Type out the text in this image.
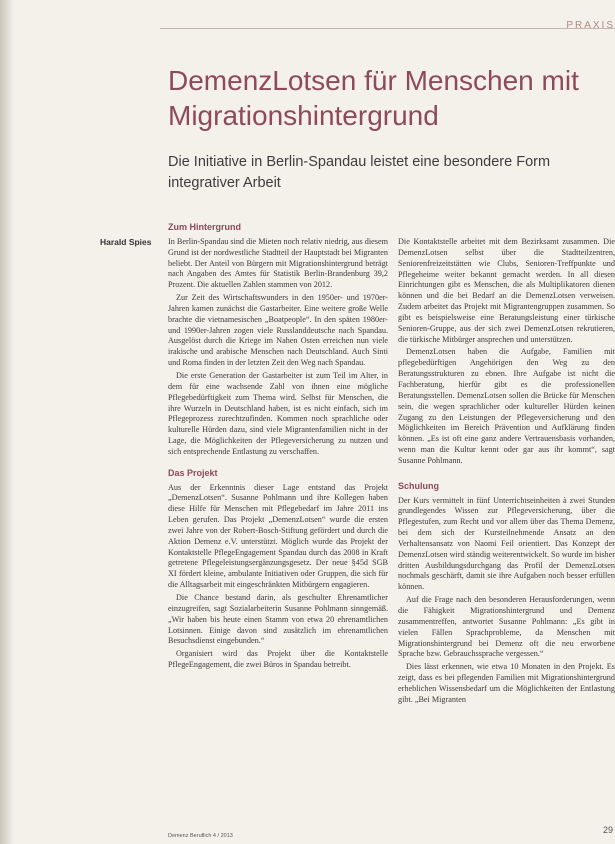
PRAXIS
DemenzLotsen für Menschen mit Migrationshintergrund

Die Initiative in Berlin-Spandau leistet eine besondere Form integrativer Arbeit

Harald Spies
Zum Hintergrund

In Berlin-Spandau sind die Mieten noch relativ niedrig, aus diesem Grund ist der nordwestliche Stadtteil der Hauptstadt bei Migranten beliebt. Der Anteil von Bürgern mit Migrationshintergrund beträgt nach Angaben des Amtes für Statistik Berlin-Brandenburg 39,2 Prozent. Die aktuellen Zahlen stammen von 2012.

Zur Zeit des Wirtschaftswunders in den 1950er- und 1970er-Jahren kamen zunächst die Gastarbeiter. Eine weitere große Welle brachte die vietnamesischen „Boatpeople“. In den späten 1980er- und 1990er-Jahren zogen viele Russlanddeutsche nach Spandau. Ausgelöst durch die Kriege im Nahen Osten erreichen nun viele irakische und arabische Menschen nach Deutschland. Auch Sinti und Roma finden in der letzten Zeit den Weg nach Spandau.

Die erste Generation der Gastarbeiter ist zum Teil im Alter, in dem für eine wachsende Zahl von ihnen eine mögliche Pflegebedürftigkeit zum Thema wird. Selbst für Menschen, die ihre Wurzeln in Deutschland haben, ist es nicht einfach, sich im Pflegeprozess zurechtzufinden. Kommen noch sprachliche oder kulturelle Hürden dazu, sind viele Migrantenfamilien nicht in der Lage, die Möglichkeiten der Pflegeversicherung zu nutzen und sich entsprechende Entlastung zu verschaffen.

Das Projekt

Aus der Erkenntnis dieser Lage entstand das Projekt „DemenzLotsen“. Susanne Pohlmann und ihre Kollegen haben diese Hilfe für Menschen mit Pflegebedarf im Jahre 2011 ins Leben gerufen. Das Projekt „DemenzLotsen“ wurde die ersten zwei Jahre von der Robert-Bosch-Stiftung gefördert und durch die Aktion Demenz e.V. unterstützt. Möglich wurde das Projekt der Kontaktstelle PflegeEngagement Spandau durch das 2008 in Kraft getretene Pflegeleistungsergänzungsgesetz. Der neue §45d SGB XI fördert kleine, ambulante Initiativen oder Gruppen, die sich für die Alltagsarbeit mit eingeschränkten Mitbürgern engagieren.

Die Chance bestand darin, als geschulter Ehrenamtlicher einzugreifen, sagt Sozialarbeiterin Susanne Pohlmann sinngemäß. „Wir haben bis heute einen Stamm von etwa 20 ehrenamtlichen Lotsinnen. Einige davon sind zusätzlich im ehrenamtlichen Besuchsdienst eingebunden.“

Organisiert wird das Projekt über die Kontaktstelle PflegeEngagement, die zwei Büros in Spandau betreibt.

Die Kontaktstelle arbeitet mit dem Bezirksamt zusammen. Die DemenzLotsen selbst über die Stadtteilzentren, Seniorenfreizeitstätten wie Clubs, Senioren-Treffpunkte und Pflegeheime weiter bekannt gemacht werden. In all diesen Einrichtungen gibt es Menschen, die als Multiplikatoren dienen können und die bei Bedarf an die DemenzLotsen verweisen. Zudem arbeitet das Projekt mit Migrantengruppen zusammen. So gibt es beispielsweise eine Beratungsleistung einer türkische Senioren-Gruppe, aus der sich zwei DemenzLotsen rekrutieren, die türkische Mitbürger ansprechen und unterstützen.

DemenzLotsen haben die Aufgabe, Familien mit pflegebedürftigen Angehörigen den Weg zu den Beratungsstrukturen zu ebnen. Ihre Aufgabe ist nicht die Fachberatung, hierfür gibt es die professionellen Beratungsstellen. DemenzLotsen sollen die Brücke für Menschen sein, die wegen sprachlicher oder kultureller Hürden keinen Zugang zu den Leistungen der Pflegeversicherung und den Möglichkeiten im Bereich Prävention und Aufklärung finden können. „Es ist oft eine ganz andere Vertrauensbasis vorhanden, wenn man die Kultur kennt oder gar aus ihr kommt“, sagt Susanne Pohlmann.

Schulung

Der Kurs vermittelt in fünf Unterrichtseinheiten à zwei Stunden grundlegendes Wissen zur Pflegeversicherung, über die Pflegestufen, zum Recht und vor allem über das Thema Demenz, bei dem sich der Kursteilnehmende Ansatz an den Verhaltensansatz von Naomi Feil orientiert. Das Konzept der DemenzLotsen wird ständig weiterentwickelt. So wurde im bisher dritten Ausbildungsdurchgang das Profil der DemenzLotsen nochmals geschärft, damit sie ihre Aufgaben noch besser erfüllen können.

Auf die Frage nach den besonderen Herausforderungen, wenn die Fähigkeit Migrationshintergrund und Demenz zusammentreffen, antwortet Susanne Pohlmann: „Es gibt in vielen Fällen Sprachprobleme, da Menschen mit Migrationshintergrund bei Demenz oft die neu erworbene Sprache bzw. Gebrauchssprache vergessen.“

Dies lässt erkennen, wie etwa 10 Monaten in den Projekt. Es zeigt, dass es bei pflegenden Familien mit Migrationshintergrund erheblichen Wissensbedarf um die Möglichkeiten der Entlastung gibt. „Bei Migranten

Demenz Beruflich 4 / 2013
29
